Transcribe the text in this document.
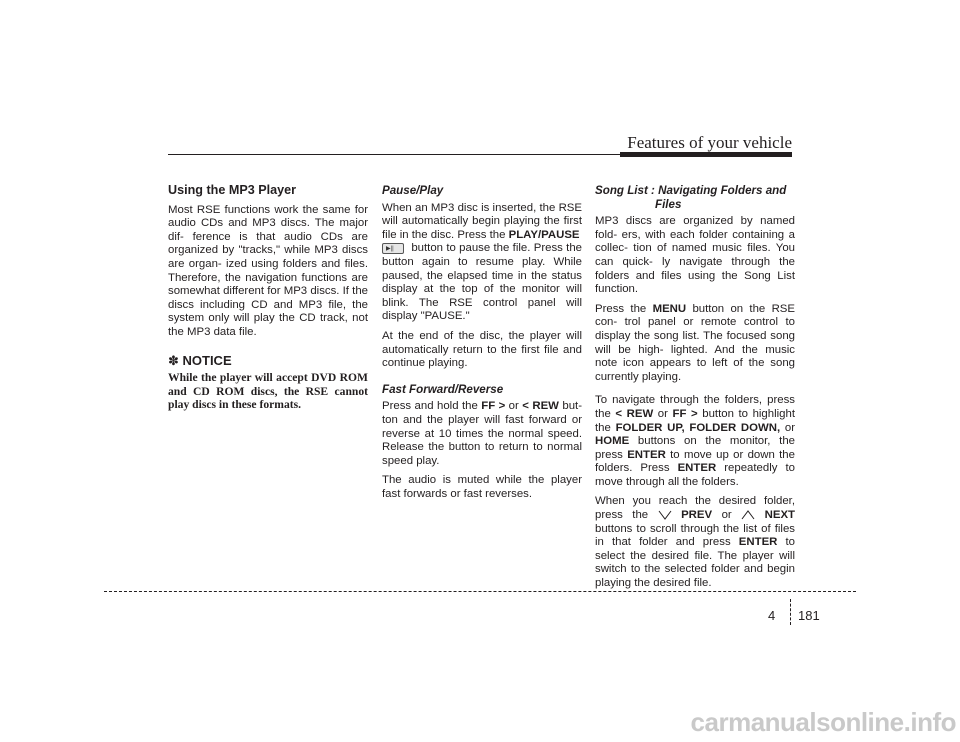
Features of your vehicle
Using the MP3 Player

Most RSE functions work the same for audio CDs and MP3 discs. The major dif- ference is that audio CDs are organized by "tracks," while MP3 discs are organ- ized using folders and files. Therefore, the navigation functions are somewhat different for MP3 discs. If the discs including CD and MP3 file, the system only will play the CD track, not the MP3 data file.

✽ NOTICE

While the player will accept DVD ROM and CD ROM discs, the RSE cannot play discs in these formats.

Pause/Play

When an MP3 disc is inserted, the RSE will automatically begin playing the first file in the disc. Press the PLAY/PAUSE
▶|| button to pause the file. Press the button again to resume play. While paused, the elapsed time in the status display at the top of the monitor will blink. The RSE control panel will display "PAUSE."

At the end of the disc, the player will automatically return to the first file and continue playing.

Fast Forward/Reverse

Press and hold the FF > or < REW but- ton and the player will fast forward or reverse at 10 times the normal speed. Release the button to return to normal speed play.

The audio is muted while the player fast forwards or fast reverses.

Song List : Navigating Folders and
Files

MP3 discs are organized by named fold- ers, with each folder containing a collec- tion of named music files. You can quick- ly navigate through the folders and files using the Song List function.

Press the MENU button on the RSE con- trol panel or remote control to display the song list. The focused song will be high- lighted. And the music note icon appears to left of the song currently playing.

To navigate through the folders, press the < REW or FF > button to highlight the FOLDER UP, FOLDER DOWN, or HOME buttons on the monitor, the press ENTER to move up or down the folders. Press ENTER repeatedly to move through all the folders.

When you reach the desired folder, press the  PREV or  NEXT buttons to scroll through the list of files in that folder and press ENTER to select the desired file. The player will switch to the selected folder and begin playing the desired file.

4 181
carmanualsonline.info
